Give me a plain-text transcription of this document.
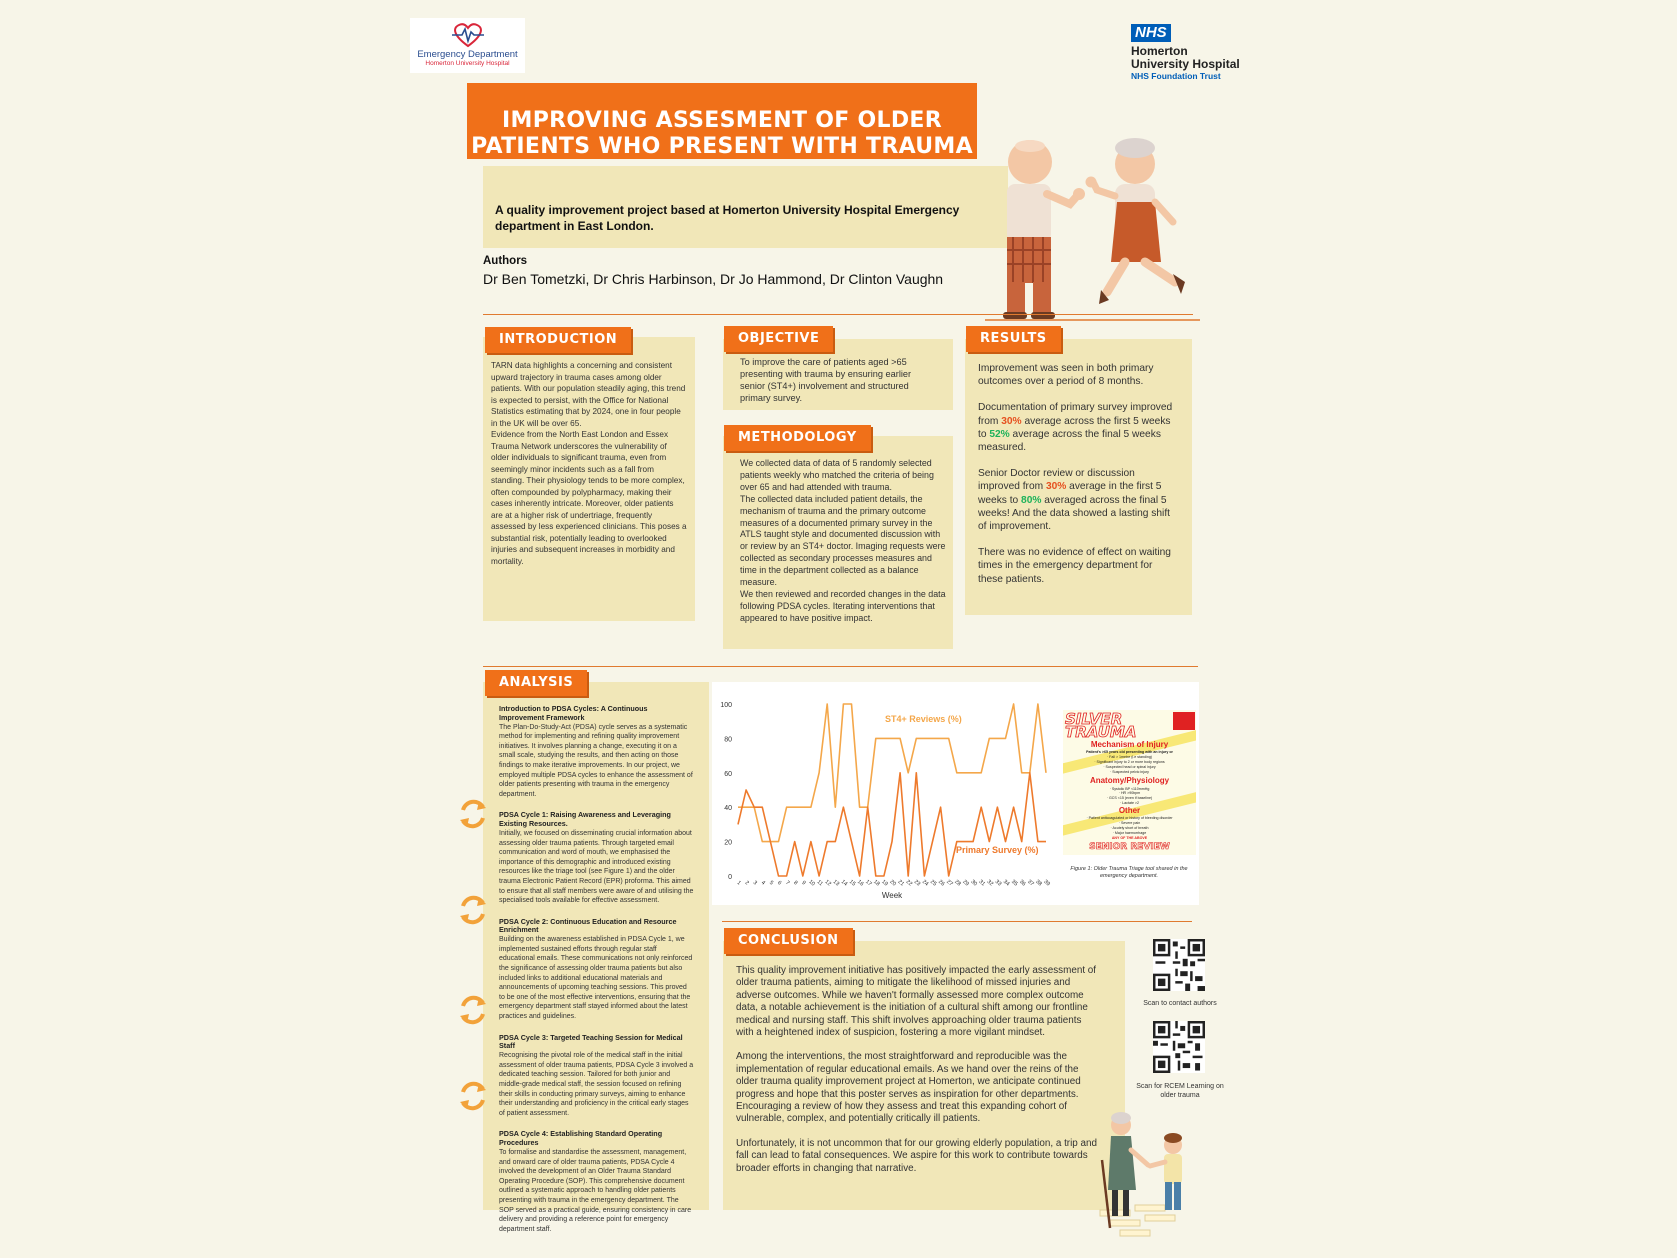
Emergency Department
Homerton University Hospital
NHS
Homerton
University Hospital
NHS Foundation Trust
IMPROVING ASSESMENT OF OLDER
PATIENTS WHO PRESENT WITH TRAUMA
A quality improvement project based at Homerton University Hospital Emergency department in East London.
Authors
Dr Ben Tometzki, Dr Chris Harbinson, Dr Jo Hammond, Dr Clinton Vaughn
INTRODUCTION

TARN data highlights a concerning and consistent upward trajectory in trauma cases among older patients. With our population steadily aging, this trend is expected to persist, with the Office for National Statistics estimating that by 2024, one in four people in the UK will be over 65.

Evidence from the North East London and Essex Trauma Network underscores the vulnerability of older individuals to significant trauma, even from seemingly minor incidents such as a fall from standing. Their physiology tends to be more complex, often compounded by polypharmacy, making their cases inherently intricate. Moreover, older patients are at a higher risk of undertriage, frequently assessed by less experienced clinicians. This poses a substantial risk, potentially leading to overlooked injuries and subsequent increases in morbidity and mortality.

OBJECTIVE
To improve the care of patients aged >65 presenting with trauma by ensuring earlier senior (ST4+) involvement and structured primary survey.
METHODOLOGY

We collected data of data of 5 randomly selected patients weekly who matched the criteria of being over 65 and had attended with trauma.

The collected data included patient details, the mechanism of trauma and the primary outcome measures of a documented primary survey in the ATLS taught style and documented discussion with or review by an ST4+ doctor. Imaging requests were collected as secondary processes measures and time in the department collected as a balance measure.

We then reviewed and recorded changes in the data following PDSA cycles. Iterating interventions that appeared to have positive impact.

RESULTS

Improvement was seen in both primary outcomes over a period of 8 months.

Documentation of primary survey improved from 30% average across the first 5 weeks to 52% average across the final 5 weeks measured.

Senior Doctor review or discussion improved from 30% average in the first 5 weeks to 80% averaged across the final 5 weeks! And the data showed a lasting shift of improvement.

There was no evidence of effect on waiting times in the emergency department for these patients.

ANALYSIS
Introduction to PDSA Cycles: A Continuous Improvement Framework
The Plan-Do-Study-Act (PDSA) cycle serves as a systematic method for implementing and refining quality improvement initiatives. It involves planning a change, executing it on a small scale, studying the results, and then acting on those findings to make iterative improvements. In our project, we employed multiple PDSA cycles to enhance the assessment of older patients presenting with trauma in the emergency department.
PDSA Cycle 1: Raising Awareness and Leveraging Existing Resources.
Initially, we focused on disseminating crucial information about assessing older trauma patients. Through targeted email communication and word of mouth, we emphasised the importance of this demographic and introduced existing resources like the triage tool (see Figure 1) and the older trauma Electronic Patient Record (EPR) proforma. This aimed to ensure that all staff members were aware of and utilising the specialised tools available for effective assessment.
PDSA Cycle 2: Continuous Education and Resource Enrichment
Building on the awareness established in PDSA Cycle 1, we implemented sustained efforts through regular staff educational emails. These communications not only reinforced the significance of assessing older trauma patients but also included links to additional educational materials and announcements of upcoming teaching sessions. This proved to be one of the most effective interventions, ensuring that the emergency department staff stayed informed about the latest practices and guidelines.
PDSA Cycle 3: Targeted Teaching Session for Medical Staff
Recognising the pivotal role of the medical staff in the initial assessment of older trauma patients, PDSA Cycle 3 involved a dedicated teaching session. Tailored for both junior and middle-grade medical staff, the session focused on refining their skills in conducting primary surveys, aiming to enhance their understanding and proficiency in the critical early stages of patient assessment.
PDSA Cycle 4: Establishing Standard Operating Procedures
To formalise and standardise the assessment, management, and onward care of older trauma patients, PDSA Cycle 4 involved the development of an Older Trauma Standard Operating Procedure (SOP). This comprehensive document outlined a systematic approach to handling older patients presenting with trauma in the emergency department. The SOP served as a practical guide, ensuring consistency in care delivery and providing a reference point for emergency department staff.
0
20
40
60
80
100
1 2 3 4 5 6 7 8 9 10 11 12 13 14 15 16 17 18 19 20 21 22 23 24 25 26 27 28 29 30 31 32 33 34 35 36 37 38 39
Week
ST4+ Reviews (%)
Primary Survey (%)
SILVER
TRAUMA
Mechanism of Injury
Patient's >65 years old presenting with an injury or
· Fall > 1metre (i.e standing)
· Significant injury to 2 or more body regions
· Suspected head or spinal injury
· Suspected pelvic injury
Anatomy/Physiology
· Systolic BP <110mmHg
· HR >90bpm
· GCS <15 (even if baseline)
· Lactate >2
Other
· Patient anticoagulated or history of bleeding disorder
· Severe pain
· Acutely short of breath
· Major haemorrhage
ANY OF THE ABOVE
SENIOR REVIEW
Figure 1: Older Trauma Triage tool shared in the emergency department.
CONCLUSION

This quality improvement initiative has positively impacted the early assessment of older trauma patients, aiming to mitigate the likelihood of missed injuries and adverse outcomes. While we haven't formally assessed more complex outcome data, a notable achievement is the initiation of a cultural shift among our frontline medical and nursing staff. This shift involves approaching older trauma patients with a heightened index of suspicion, fostering a more vigilant mindset.

Among the interventions, the most straightforward and reproducible was the implementation of regular educational emails. As we hand over the reins of the older trauma quality improvement project at Homerton, we anticipate continued progress and hope that this poster serves as inspiration for other departments. Encouraging a review of how they assess and treat this expanding cohort of vulnerable, complex, and potentially critically ill patients.

Unfortunately, it is not uncommon that for our growing elderly population, a trip and fall can lead to fatal consequences. We aspire for this work to contribute towards broader efforts in changing that narrative.

Scan to contact authors
Scan for RCEM Learning on older trauma
